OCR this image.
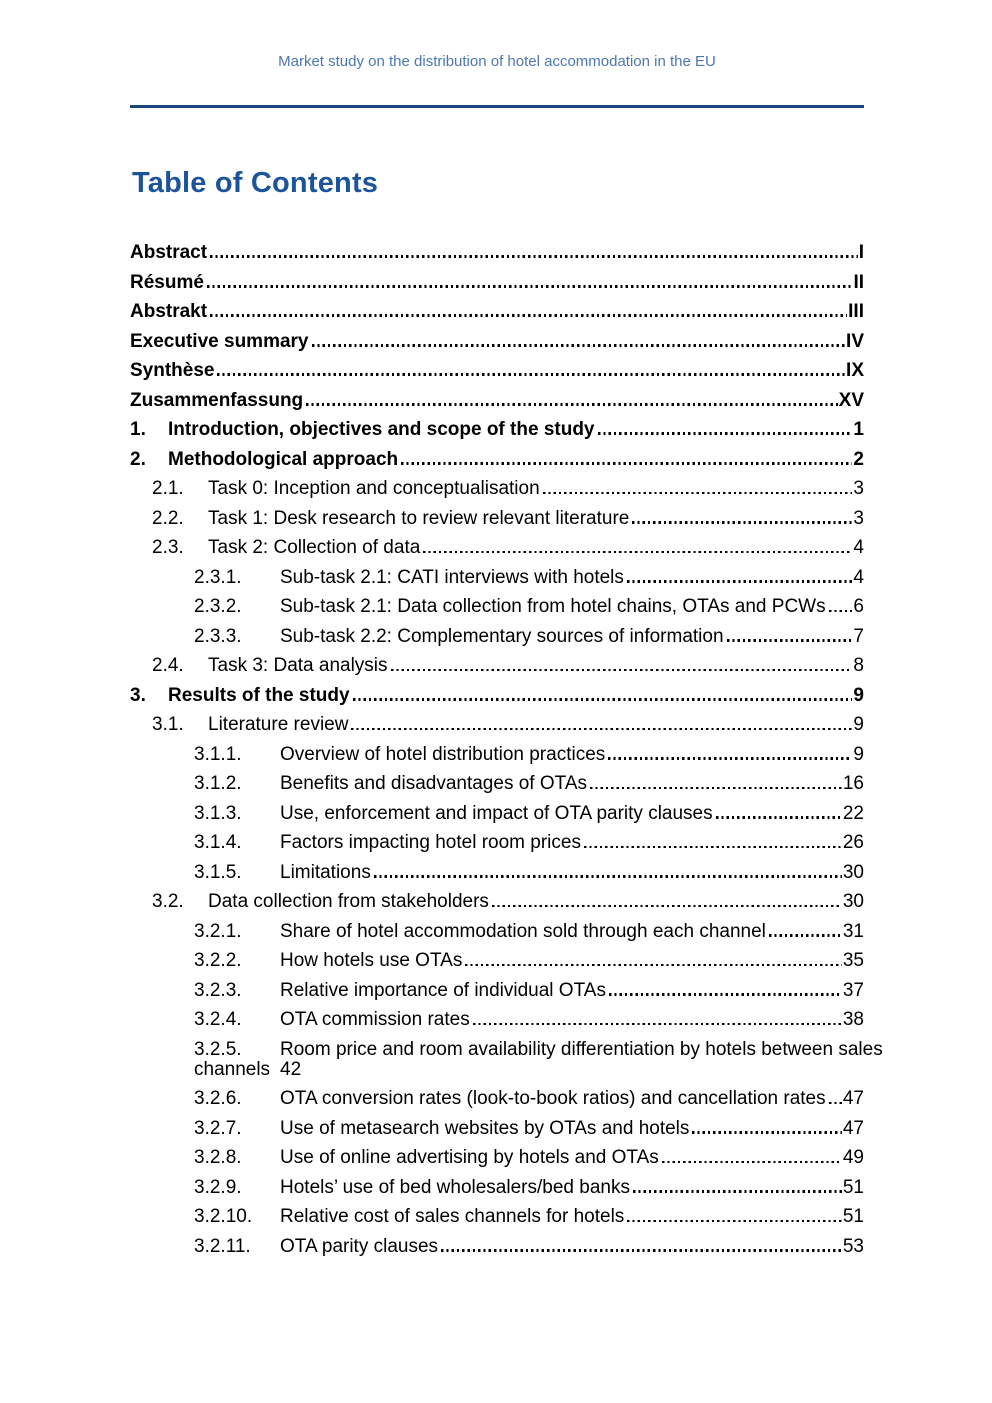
Market study on the distribution of hotel accommodation in the EU
Table of Contents
Abstract	I
Résumé	II
Abstrakt	III
Executive summary	IV
Synthèse	IX
Zusammenfassung	XV
1.	Introduction, objectives and scope of the study	1
2.	Methodological approach	2
2.1.	Task 0: Inception and conceptualisation	3
2.2.	Task 1: Desk research to review relevant literature	3
2.3.	Task 2: Collection of data	4
2.3.1.	Sub-task 2.1: CATI interviews with hotels	4
2.3.2.	Sub-task 2.1: Data collection from hotel chains, OTAs and PCWs 6
2.3.3.	Sub-task 2.2: Complementary sources of information	7
2.4.	Task 3: Data analysis	8
3.	Results of the study	9
3.1.	Literature review	9
3.1.1.	Overview of hotel distribution practices	9
3.1.2.	Benefits and disadvantages of OTAs	16
3.1.3.	Use, enforcement and impact of OTA parity clauses	22
3.1.4.	Factors impacting hotel room prices	26
3.1.5.	Limitations	30
3.2.	Data collection from stakeholders	30
3.2.1.	Share of hotel accommodation sold through each channel	31
3.2.2.	How hotels use OTAs	35
3.2.3.	Relative importance of individual OTAs	37
3.2.4.	OTA commission rates	38
3.2.5.	Room price and room availability differentiation by hotels between sales
channels 42
3.2.6.	OTA conversion rates (look-to-book ratios) and cancellation rates 47
3.2.7.	Use of metasearch websites by OTAs and hotels	47
3.2.8.	Use of online advertising by hotels and OTAs	49
3.2.9.	Hotels’ use of bed wholesalers/bed banks	51
3.2.10.	Relative cost of sales channels for hotels	51
3.2.11.	OTA parity clauses	53
